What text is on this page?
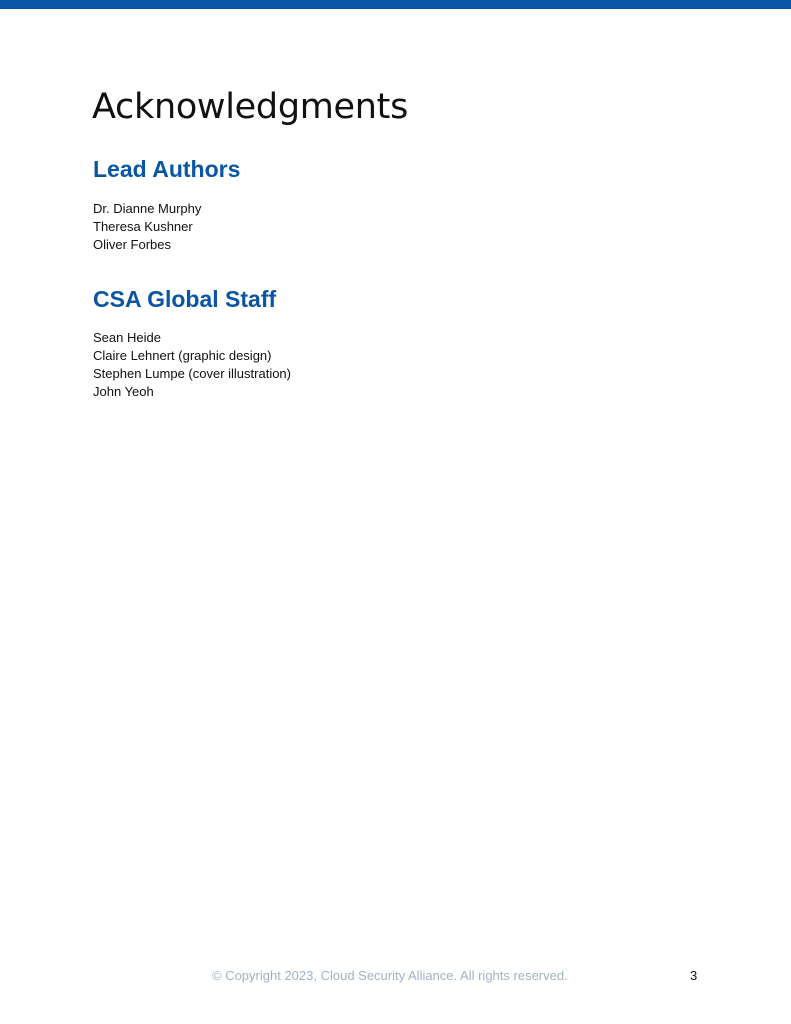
Acknowledgments
Lead Authors
Dr. Dianne Murphy
Theresa Kushner
Oliver Forbes
CSA Global Staff
Sean Heide
Claire Lehnert (graphic design)
Stephen Lumpe (cover illustration)
John Yeoh
© Copyright 2023, Cloud Security Alliance. All rights reserved.	3
